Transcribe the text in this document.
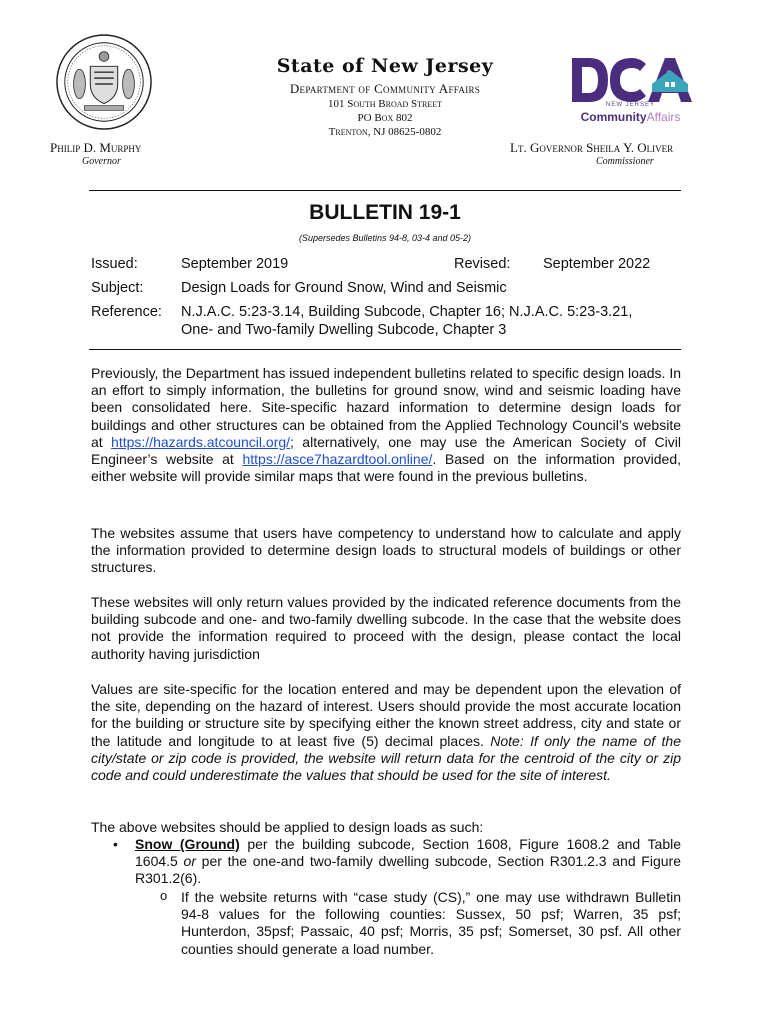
State of New Jersey
Department of Community Affairs
101 South Broad Street
PO Box 802
Trenton, NJ 08625-0802
NEW JERSEY
CommunityAffairs
Philip D. Murphy
Governor
Lt. Governor Sheila Y. Oliver
Commissioner
BULLETIN 19-1
(Supersedes Bulletins 94-8, 03-4 and 05-2)
Issued:	September 2019	Revised: September 2022
Subject:	Design Loads for Ground Snow, Wind and Seismic
Reference: N.J.A.C. 5:23-3.14, Building Subcode, Chapter 16; N.J.A.C. 5:23-3.21,
One- and Two-family Dwelling Subcode, Chapter 3

Previously, the Department has issued independent bulletins related to specific design loads. In an effort to simply information, the bulletins for ground snow, wind and seismic loading have been consolidated here. Site-specific hazard information to determine design loads for buildings and other structures can be obtained from the Applied Technology Council’s website at https://hazards.atcouncil.org/; alternatively, one may use the American Society of Civil Engineer’s website at https://asce7hazardtool.online/. Based on the information provided, either website will provide similar maps that were found in the previous bulletins.

The websites assume that users have competency to understand how to calculate and apply the information provided to determine design loads to structural models of buildings or other structures.

These websites will only return values provided by the indicated reference documents from the building subcode and one- and two-family dwelling subcode. In the case that the website does not provide the information required to proceed with the design, please contact the local authority having jurisdiction

Values are site-specific for the location entered and may be dependent upon the elevation of the site, depending on the hazard of interest. Users should provide the most accurate location for the building or structure site by specifying either the known street address, city and state or the latitude and longitude to at least five (5) decimal places. Note: If only the name of the city/state or zip code is provided, the website will return data for the centroid of the city or zip code and could underestimate the values that should be used for the site of interest.

The above websites should be applied to design loads as such:
• Snow (Ground) per the building subcode, Section 1608, Figure 1608.2 and Table 1604.5 or per the one-and two-family dwelling subcode, Section R301.2.3 and Figure R301.2(6).
o If the website returns with “case study (CS),” one may use withdrawn Bulletin 94-8 values for the following counties: Sussex, 50 psf; Warren, 35 psf; Hunterdon, 35psf; Passaic, 40 psf; Morris, 35 psf; Somerset, 30 psf. All other counties should generate a load number.
